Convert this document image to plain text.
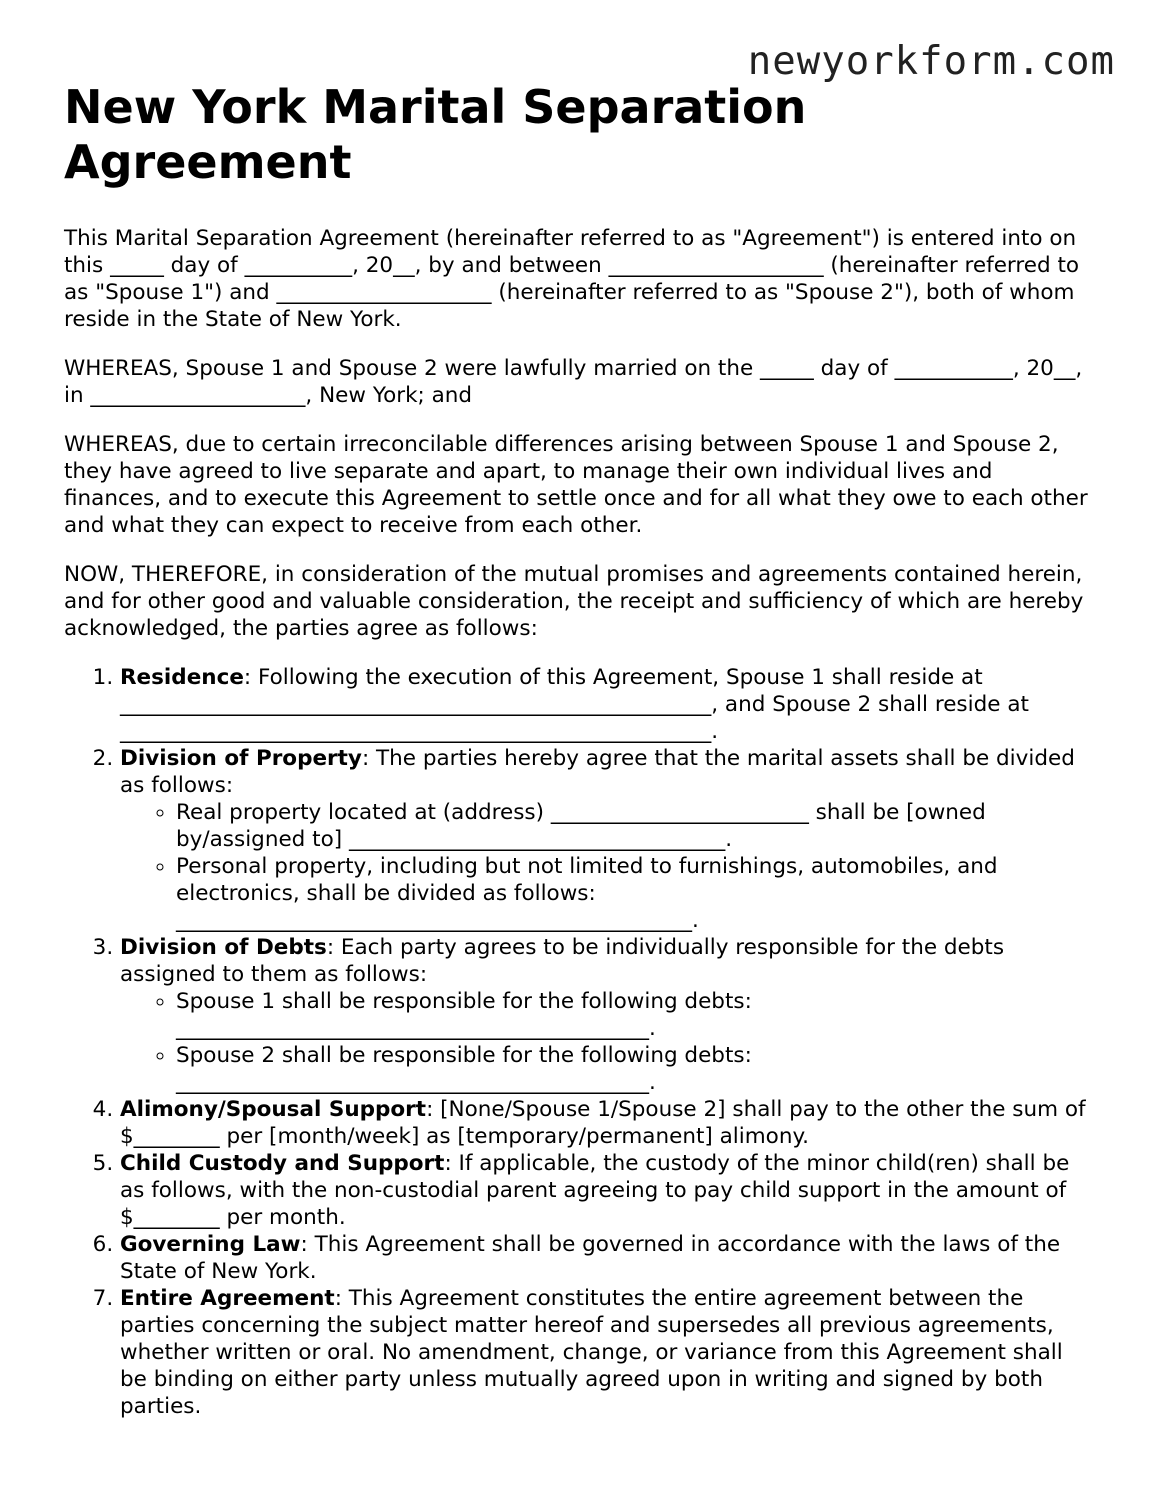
newyorkform.com
New York Marital Separation Agreement

This Marital Separation Agreement (hereinafter referred to as "Agreement") is entered into on this _____ day of __________, 20__, by and between ____________________ (hereinafter referred to as "Spouse 1") and ____________________ (hereinafter referred to as "Spouse 2"), both of whom reside in the State of New York.

WHEREAS, Spouse 1 and Spouse 2 were lawfully married on the _____ day of ___________, 20__, in ____________________, New York; and

WHEREAS, due to certain irreconcilable differences arising between Spouse 1 and Spouse 2, they have agreed to live separate and apart, to manage their own individual lives and finances, and to execute this Agreement to settle once and for all what they owe to each other and what they can expect to receive from each other.

NOW, THEREFORE, in consideration of the mutual promises and agreements contained herein, and for other good and valuable consideration, the receipt and sufficiency of which are hereby acknowledged, the parties agree as follows:

1. Residence: Following the execution of this Agreement, Spouse 1 shall reside at _______________________________________________________, and Spouse 2 shall reside at _______________________________________________________.
2. Division of Property: The parties hereby agree that the marital assets shall be divided as follows:
◦ Real property located at (address) ________________________ shall be [owned by/assigned to] ___________________________________.
◦ Personal property, including but not limited to furnishings, automobiles, and electronics, shall be divided as follows: ________________________________________________.
3. Division of Debts: Each party agrees to be individually responsible for the debts assigned to them as follows:
◦ Spouse 1 shall be responsible for the following debts: ____________________________________________.
◦ Spouse 2 shall be responsible for the following debts: ____________________________________________.
4. Alimony/Spousal Support: [None/Spouse 1/Spouse 2] shall pay to the other the sum of $________ per [month/week] as [temporary/permanent] alimony.
5. Child Custody and Support: If applicable, the custody of the minor child(ren) shall be as follows, with the non-custodial parent agreeing to pay child support in the amount of $________ per month.
6. Governing Law: This Agreement shall be governed in accordance with the laws of the State of New York.
7. Entire Agreement: This Agreement constitutes the entire agreement between the parties concerning the subject matter hereof and supersedes all previous agreements, whether written or oral. No amendment, change, or variance from this Agreement shall be binding on either party unless mutually agreed upon in writing and signed by both parties.
